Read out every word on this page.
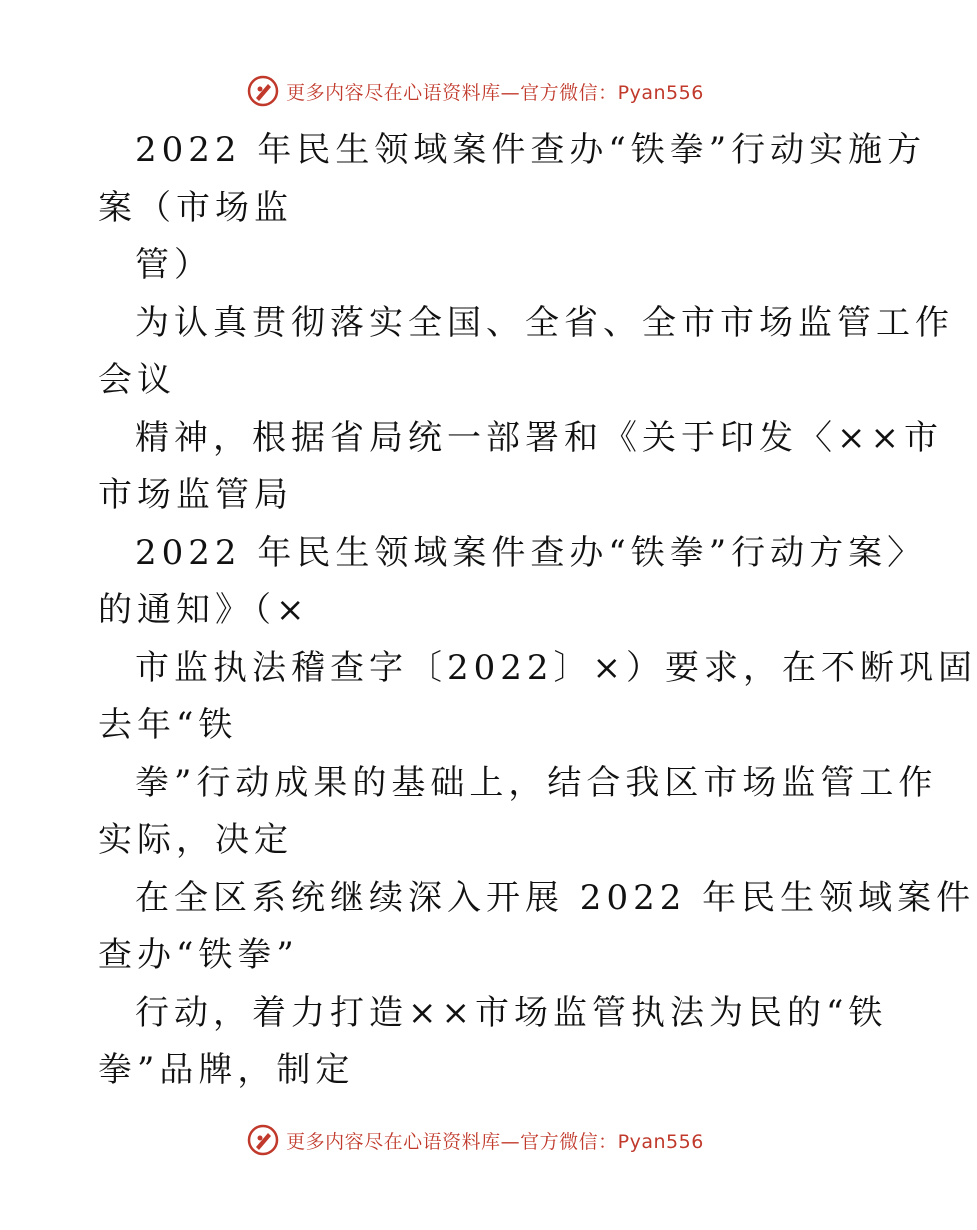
更多内容尽在心语资料库—官方微信：Pyan556
2022 年民生领域案件查办“铁拳”行动实施方
案（市场监
管）
为认真贯彻落实全国、全省、全市市场监管工作
会议
精神，根据省局统一部署和《关于印发〈××市
市场监管局
2022 年民生领域案件查办“铁拳”行动方案〉
的通知》（×
市监执法稽查字〔2022〕×）要求，在不断巩固
去年“铁
拳”行动成果的基础上，结合我区市场监管工作
实际，决定
在全区系统继续深入开展 2022 年民生领域案件
查办“铁拳”
行动，着力打造××市场监管执法为民的“铁
拳”品牌，制定
更多内容尽在心语资料库—官方微信：Pyan556
